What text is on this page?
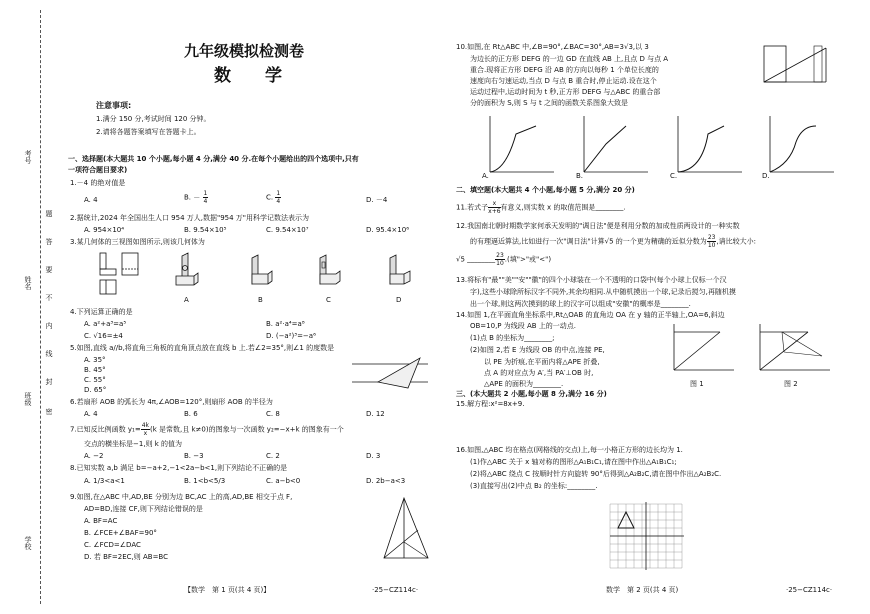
考号
姓名
班级
学校
密
封
线
内
不
要
答
题
九年级模拟检测卷
数　　学
注意事项:
1.满分 150 分,考试时间 120 分钟。
2.请将各题答案填写在答题卡上。
一、选择题(本大题共 10 个小题,每小题 4 分,满分 40 分.在每个小题给出的四个选项中,只有
一项符合题目要求)
1.－4 的绝对值是
A. 4	B. － $\frac{1}{4}$	C. $\frac{1}{4}$	D. －4
2.据统计,2024 年全国出生人口 954 万人,数据"954 万"用科学记数法表示为
A. 954×10⁴	B. 9.54×10⁵	C. 9.54×10⁷	D. 95.4×10⁶
3.某几何体的三视图如图所示,则该几何体为
A	B	C	D
4.下列运算正确的是
A. a²+a³=a⁵	B. a²·a⁴=a⁸
C. √16=±4	D. (−a²)³=−a⁶
5.如图,直线 a//b,将直角三角板的直角顶点放在直线 b 上.若∠2=35°,则∠1 的度数是
A. 35°
B. 45°
C. 55°
D. 65°
6.若扇形 AOB 的弧长为 4π,∠AOB=120°,则扇形 AOB 的半径为
A. 4	B. 6	C. 8	D. 12
7.已知反比例函数 $y_1= \frac{4k}{x} (k$ 是常数,且 k≠0)的图象与一次函数 y₂=−x+k 的图象有一个
交点的横坐标是−1,则 k 的值为
A. −2	B. −3	C. 2	D. 3
8.已知实数 a,b 满足 b=−a+2,−1<2a−b<1,则下列结论不正确的是
A. 1/3<a<1	B. 1<b<5/3	C. a−b<0	D. 2b−a<3
9.如图,在△ABC 中,AD,BE 分别为边 BC,AC 上的高,AD,BE 相交于点 F,
AD=BD,连接 CF,则下列结论错误的是
A. BF=AC
B. ∠FCE+∠BAF=90°
C. ∠FCD=∠DAC
D. 若 BF=2EC,则 AB=BC
【数学　第 1 页(共 4 页)】	·25−CZ114c·
10.如图,在 Rt△ABC 中,∠B=90°,∠BAC=30°,AB=3√3,以 3
为边长的正方形 DEFG 的一边 GD 在直线 AB 上,且点 D 与点 A
重合.现将正方形 DEFG 沿 AB 的方向以每秒 1 个单位长度的
速度向右匀速运动,当点 D 与点 B 重合时,停止运动.设在这个
运动过程中,运动时间为 t 秒,正方形 DEFG 与△ABC 的重合部
分的面积为 S,则 S 与 t 之间的函数关系图象大致是
A.	B.	C.	D.
二、填空题(本大题共 4 个小题,每小题 5 分,满分 20 分)
11.若式子 $\frac{x}{x+6}$ 有意义,则实数 x 的取值范围是________.
12.我国南北朝时期数学家何承天发明的"调日法"便是利用分数的加成性质两设计的一种实数
的有理逼近算法,比如进行一次"调日法"计算√5 的一个更为精确的近似分数为 $\frac{23}{10}$ ,请比较大小:
√5 ________ $\frac{23}{10}$ .(填">"或"<")
13.将标有"最""美""安""徽"的四个小球装在一个不透明的口袋中(每个小球上仅标一个汉
字),这些小球除所标汉字不同外,其余均相同.从中随机摸出一个球,记录后搅匀,再随机摸
出一个球,则这两次摸到的球上的汉字可以组成"安徽"的概率是________.
14.如图 1,在平面直角坐标系中,Rt△OAB 的直角边 OA 在 y 轴的正半轴上,OA=6,斜边
OB=10,P 为线段 AB 上的一动点.
(1)点 B 的坐标为________;
(2)如图 2,若 E 为线段 OB 的中点,连接 PE,
以 PE 为折痕,在平面内将△APE 折叠,
点 A 的对应点为 A′,当 PA′⊥OB 时,
△APE 的面积为________.	图 1	图 2
三、(本大题共 2 小题,每小题 8 分,满分 16 分)
15.解方程:x²=8x+9.
16.如图,△ABC 均在格点(网格线的交点)上,每一小格正方形的边长均为 1.
(1)作△ABC 关于 x 轴对称的图形△A₁B₁C₁,请在图中作出△A₁B₁C₁;
(2)将△ABC 绕点 C 按顺时针方向旋转 90°后得到△A₂B₂C,请在图中作出△A₂B₂C.
(3)直接写出(2)中点 B₂ 的坐标:________.
数学　第 2 页(共 4 页)	·25−CZ114c·
